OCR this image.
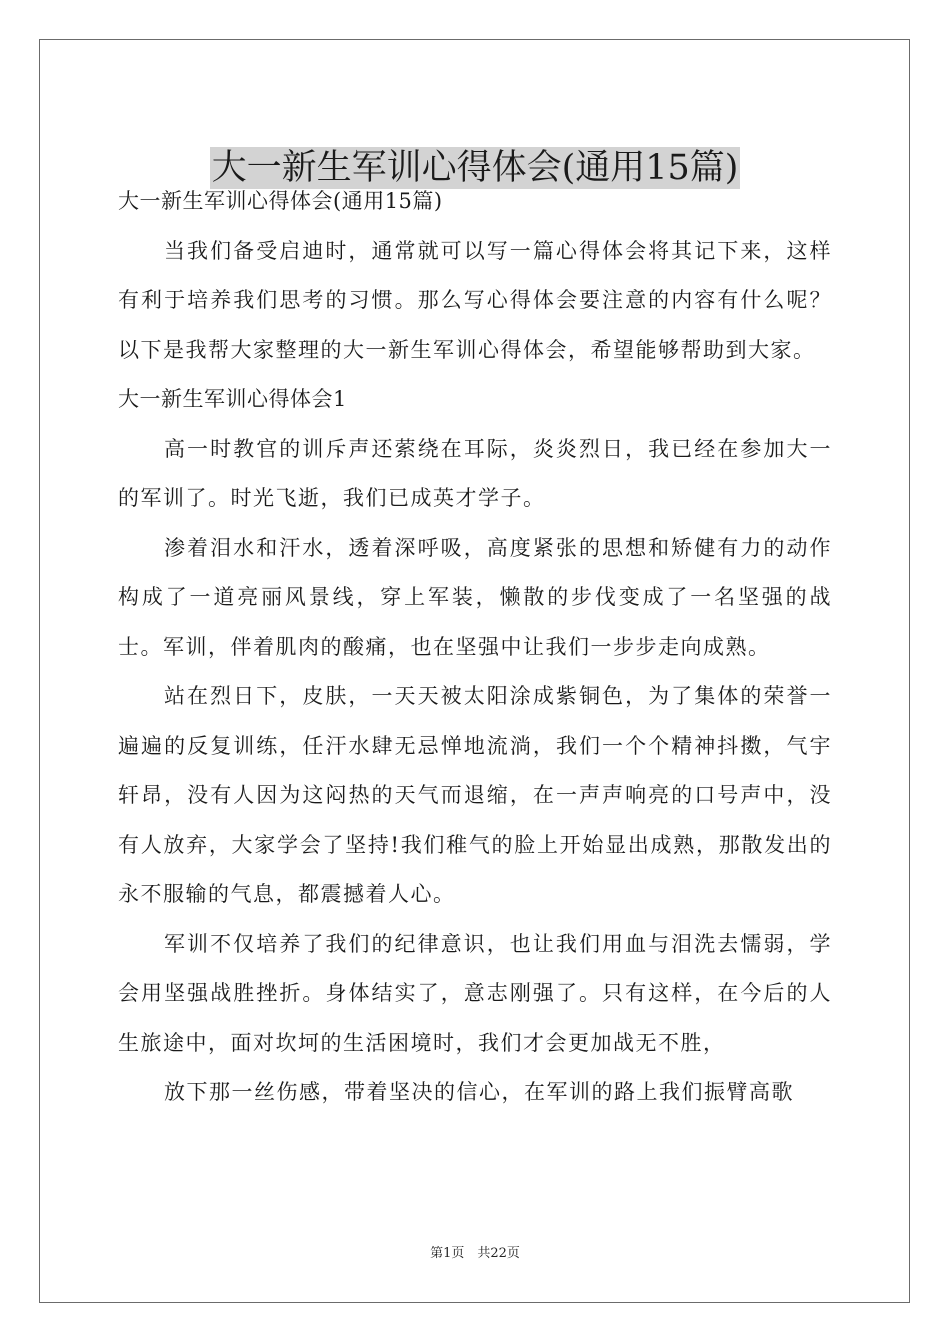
大一新生军训心得体会(通用15篇)

大一新生军训心得体会(通用15篇)

当我们备受启迪时，通常就可以写一篇心得体会将其记下来，这样有利于培养我们思考的习惯。那么写心得体会要注意的内容有什么呢？以下是我帮大家整理的大一新生军训心得体会，希望能够帮助到大家。

大一新生军训心得体会1

高一时教官的训斥声还萦绕在耳际，炎炎烈日，我已经在参加大一的军训了。时光飞逝，我们已成英才学子。

渗着泪水和汗水，透着深呼吸，高度紧张的思想和矫健有力的动作构成了一道亮丽风景线，穿上军装，懒散的步伐变成了一名坚强的战士。军训，伴着肌肉的酸痛，也在坚强中让我们一步步走向成熟。

站在烈日下，皮肤，一天天被太阳涂成紫铜色，为了集体的荣誉一遍遍的反复训练，任汗水肆无忌惮地流淌，我们一个个精神抖擞，气宇轩昂，没有人因为这闷热的天气而退缩，在一声声响亮的口号声中，没有人放弃，大家学会了坚持!我们稚气的脸上开始显出成熟，那散发出的永不服输的气息，都震撼着人心。

军训不仅培养了我们的纪律意识，也让我们用血与泪洗去懦弱，学会用坚强战胜挫折。身体结实了，意志刚强了。只有这样，在今后的人生旅途中，面对坎坷的生活困境时，我们才会更加战无不胜，

放下那一丝伤感，带着坚决的信心，在军训的路上我们振臂高歌

第1页　共22页
